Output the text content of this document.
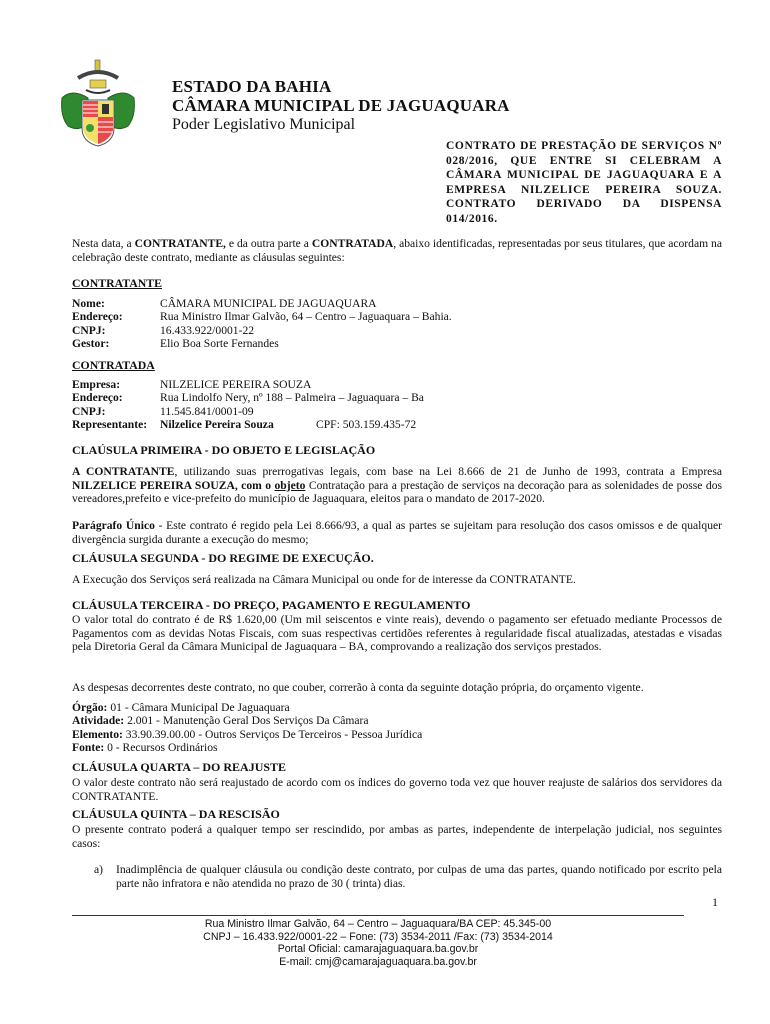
ESTADO DA BAHIA
CÂMARA MUNICIPAL DE JAGUAQUARA
Poder Legislativo Municipal
CONTRATO DE PRESTAÇÃO DE SERVIÇOS Nº 028/2016, QUE ENTRE SI CELEBRAM A CÂMARA MUNICIPAL DE JAGUAQUARA E A EMPRESA NILZELICE PEREIRA SOUZA. CONTRATO DERIVADO DA DISPENSA 014/2016.
Nesta data, a CONTRATANTE, e da outra parte a CONTRATADA, abaixo identificadas, representadas por seus titulares, que acordam na celebração deste contrato, mediante as cláusulas seguintes:
CONTRATANTE
Nome:	CÂMARA MUNICIPAL DE JAGUAQUARA
Endereço:	Rua Ministro Ilmar Galvão, 64 – Centro – Jaguaquara – Bahia.
CNPJ:	16.433.922/0001-22
Gestor:	Elio Boa Sorte Fernandes
CONTRATADA
Empresa:	NILZELICE PEREIRA SOUZA
Endereço:	Rua Lindolfo Nery, nº 188 – Palmeira – Jaguaquara – Ba
CNPJ:	11.545.841/0001-09
Representante:	Nilzelice Pereira Souza	CPF: 503.159.435-72
CLAÚSULA PRIMEIRA - DO OBJETO E LEGISLAÇÃO
A CONTRATANTE, utilizando suas prerrogativas legais, com base na Lei 8.666 de 21 de Junho de 1993, contrata a Empresa NILZELICE PEREIRA SOUZA, com o objeto Contratação para a prestação de serviços na decoração para as solenidades de posse dos vereadores,prefeito e vice-prefeito do município de Jaguaquara, eleitos para o mandato de 2017-2020.
Parágrafo Único - Este contrato é regido pela Lei 8.666/93, a qual as partes se sujeitam para resolução dos casos omissos e de qualquer divergência surgida durante a execução do mesmo;
CLÁUSULA SEGUNDA - DO REGIME DE EXECUÇÃO.
A Execução dos Serviços será realizada na Câmara Municipal ou onde for de interesse da CONTRATANTE.
CLÁUSULA TERCEIRA - DO PREÇO, PAGAMENTO E REGULAMENTO
O valor total do contrato é de R$ 1.620,00 (Um mil seiscentos e vinte reais), devendo o pagamento ser efetuado mediante Processos de Pagamentos com as devidas Notas Fiscais, com suas respectivas certidões referentes à regularidade fiscal atualizadas, atestadas e visadas pela Diretoria Geral da Câmara Municipal de Jaguaquara – BA, comprovando a realização dos serviços prestados.
As despesas decorrentes deste contrato, no que couber, correrão à conta da seguinte dotação própria, do orçamento vigente.
Órgão: 01 - Câmara Municipal De Jaguaquara
Atividade: 2.001 - Manutenção Geral Dos Serviços Da Câmara
Elemento: 33.90.39.00.00 - Outros Serviços De Terceiros - Pessoa Jurídica
Fonte: 0 - Recursos Ordinários
CLÁUSULA QUARTA – DO REAJUSTE
O valor deste contrato não será reajustado de acordo com os índices do governo toda vez que houver reajuste de salários dos servidores da CONTRATANTE.
CLÁUSULA QUINTA – DA RESCISÃO
O presente contrato poderá a qualquer tempo ser rescindido, por ambas as partes, independente de interpelação judicial, nos seguintes casos:
a) Inadimplência de qualquer cláusula ou condição deste contrato, por culpas de uma das partes, quando notificado por escrito pela parte não infratora e não atendida no prazo de 30 ( trinta) dias.
1
Rua Ministro Ilmar Galvão, 64 – Centro – Jaguaquara/BA CEP: 45.345-00
CNPJ – 16.433.922/0001-22 – Fone: (73) 3534-2011 /Fax: (73) 3534-2014
Portal Oficial: camarajaguaquara.ba.gov.br
E-mail: cmj@camarajaguaquara.ba.gov.br
